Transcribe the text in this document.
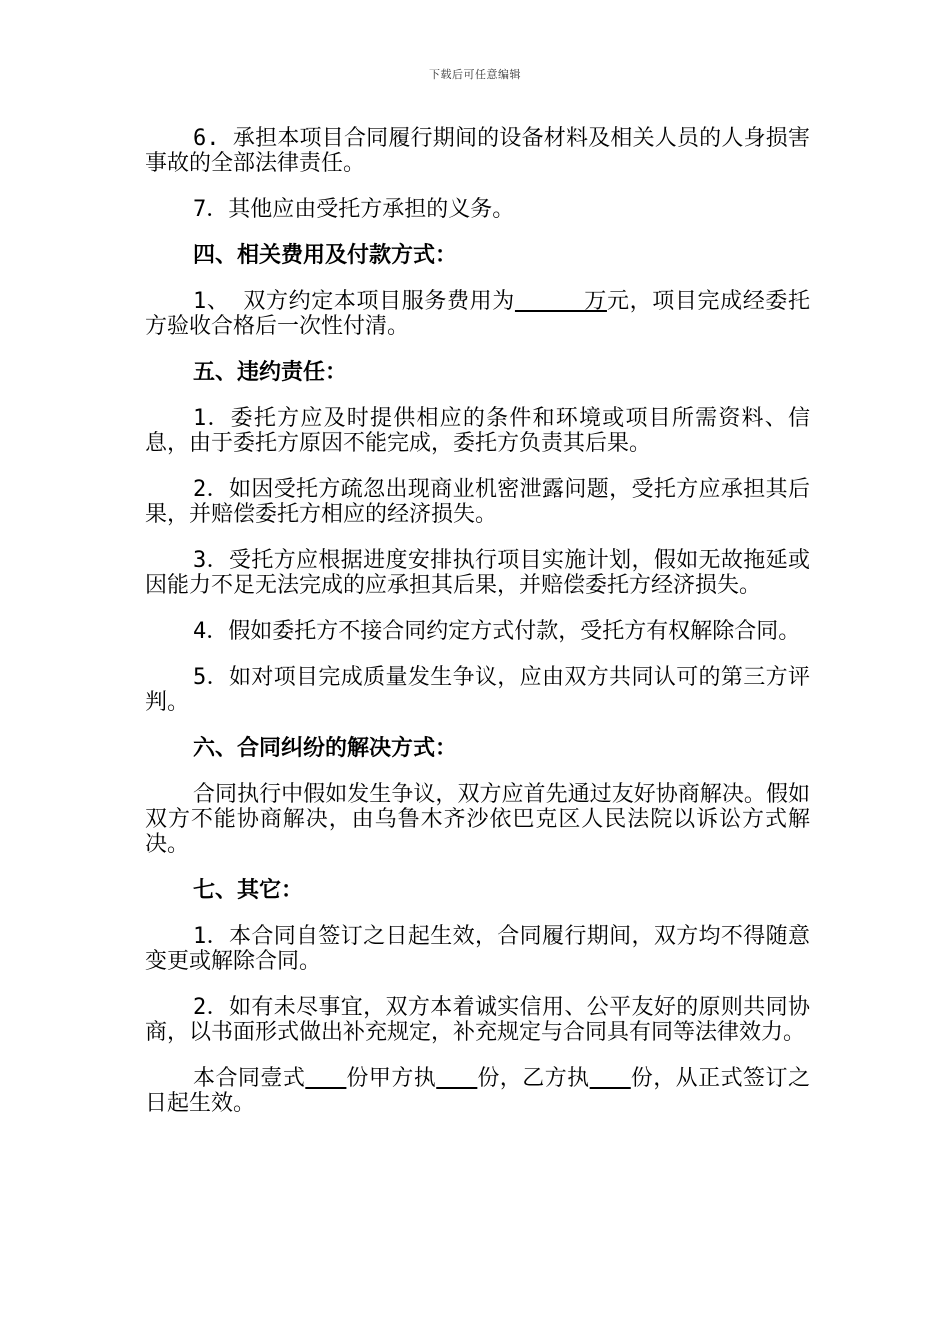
下载后可任意编辑

6. 承担本项目合同履行期间的设备材料及相关人员的人身损害事故的全部法律责任。

7．其他应由受托方承担的义务。

四、相关费用及付款方式：

1、 双方约定本项目服务费用为     万元，项目完成经委托方验收合格后一次性付清。

五、违约责任：

1．委托方应及时提供相应的条件和环境或项目所需资料、信息，由于委托方原因不能完成，委托方负责其后果。

2．如因受托方疏忽出现商业机密泄露问题，受托方应承担其后果，并赔偿委托方相应的经济损失。

3．受托方应根据进度安排执行项目实施计划，假如无故拖延或因能力不足无法完成的应承担其后果，并赔偿委托方经济损失。

4．假如委托方不接合同约定方式付款，受托方有权解除合同。

5．如对项目完成质量发生争议，应由双方共同认可的第三方评判。

六、合同纠纷的解决方式：

合同执行中假如发生争议，双方应首先通过友好协商解决。假如双方不能协商解决，由乌鲁木齐沙依巴克区人民法院以诉讼方式解决。

七、其它：

1．本合同自签订之日起生效，合同履行期间，双方均不得随意变更或解除合同。

2．如有未尽事宜，双方本着诚实信用、公平友好的原则共同协商，以书面形式做出补充规定，补充规定与合同具有同等法律效力。

本合同壹式 份甲方执 份，乙方执 份，从正式签订之日起生效。
